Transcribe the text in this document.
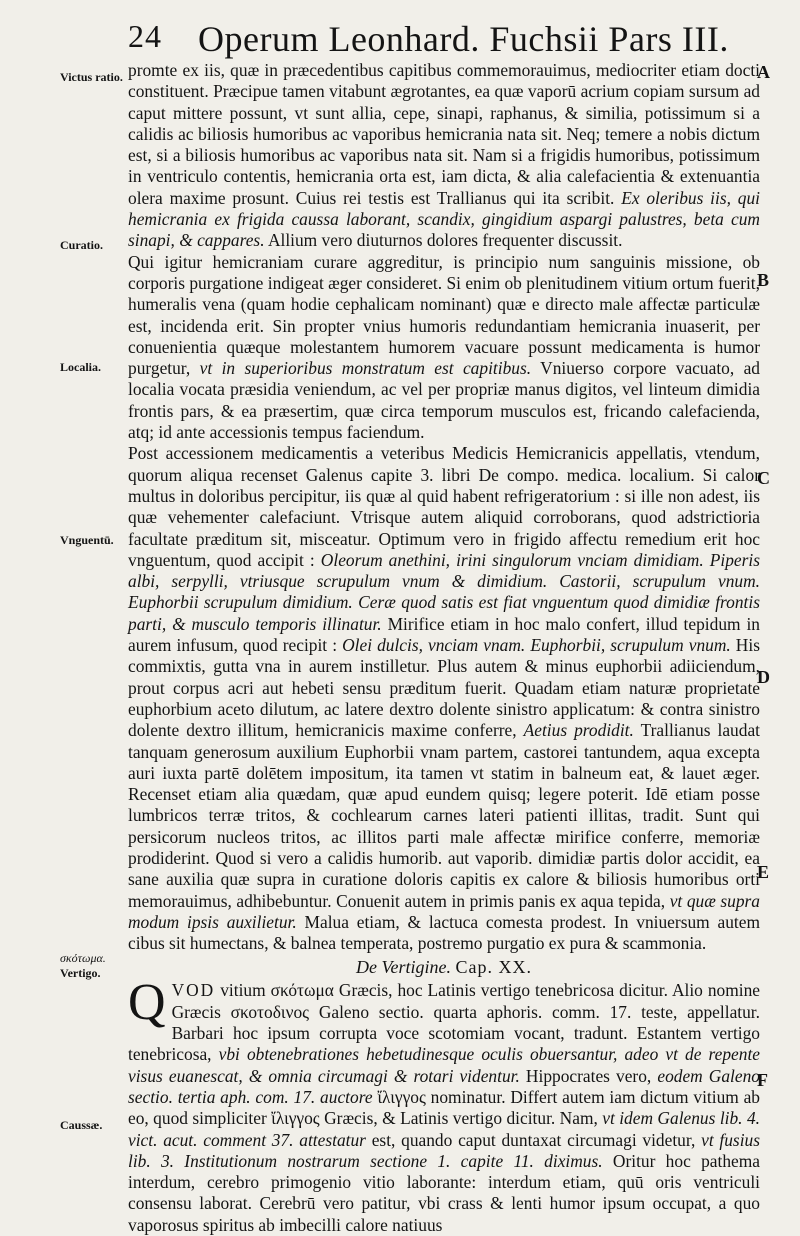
24 Operum Leonhard. Fuchsii Pars III.
Victus ratio.
Curatio.
Localia.
Vnguentū.
σκότωμα.
Vertigo.
Caussæ.
A
B
C
D
E
F

promte ex iis, quæ in præcedentibus capitibus commemorauimus, mediocriter etiam docti constituent. Præcipue tamen vitabunt ægrotantes, ea quæ vaporū acrium copiam sursum ad caput mittere possunt, vt sunt allia, cepe, sinapi, raphanus, & similia, potissimum si a calidis ac biliosis humoribus ac vaporibus hemicrania nata sit. Neq; temere a nobis dictum est, si a biliosis humoribus ac vaporibus nata sit. Nam si a frigidis humoribus, potissimum in ventriculo contentis, hemicrania orta est, iam dicta, & alia calefacientia & extenuantia olera maxime prosunt. Cuius rei testis est Trallianus qui ita scribit. Ex oleribus iis, qui hemicrania ex frigida caussa laborant, scandix, gingidium aspargi palustres, beta cum sinapi, & cappares. Allium vero diuturnos dolores frequenter discussit.

Qui igitur hemicraniam curare aggreditur, is principio num sanguinis missione, ob corporis purgatione indigeat æger consideret. Si enim ob plenitudinem vitium ortum fuerit, humeralis vena (quam hodie cephalicam nominant) quæ e directo male affectæ particulæ est, incidenda erit. Sin propter vnius humoris redundantiam hemicrania inuaserit, per conuenientia quæque molestantem humorem vacuare possunt medicamenta is humor purgetur, vt in superioribus monstratum est capitibus. Vniuerso corpore vacuato, ad localia vocata præsidia veniendum, ac vel per propriæ manus digitos, vel linteum dimidia frontis pars, & ea præsertim, quæ circa temporum musculos est, fricando calefacienda, atq; id ante accessionis tempus faciendum.

Post accessionem medicamentis a veteribus Medicis Hemicranicis appellatis, vtendum, quorum aliqua recenset Galenus capite 3. libri De compo. medica. localium. Si calor multus in doloribus percipitur, iis quæ al quid habent refrigeratorium : si ille non adest, iis quæ vehementer calefaciunt. Vtrisque autem aliquid corroborans, quod adstrictioria facultate præditum sit, misceatur. Optimum vero in frigido affectu remedium erit hoc vnguentum, quod accipit : Oleorum anethini, irini singulorum vnciam dimidiam. Piperis albi, serpylli, vtriusque scrupulum vnum & dimidium. Castorii, scrupulum vnum. Euphorbii scrupulum dimidium. Ceræ quod satis est fiat vnguentum quod dimidiæ frontis parti, & musculo temporis illinatur. Mirifice etiam in hoc malo confert, illud tepidum in aurem infusum, quod recipit : Olei dulcis, vnciam vnam. Euphorbii, scrupulum vnum. His commixtis, gutta vna in aurem instilletur. Plus autem & minus euphorbii adiiciendum, prout corpus acri aut hebeti sensu præditum fuerit. Quadam etiam naturæ proprietate euphorbium aceto dilutum, ac latere dextro dolente sinistro applicatum: & contra sinistro dolente dextro illitum, hemicranicis maxime conferre, Aetius prodidit. Trallianus laudat tanquam generosum auxilium Euphorbii vnam partem, castorei tantundem, aqua excepta auri iuxta partē dolētem impositum, ita tamen vt statim in balneum eat, & lauet æger. Recenset etiam alia quædam, quæ apud eundem quisq; legere poterit. Idē etiam posse lumbricos terræ tritos, & cochlearum carnes lateri patienti illitas, tradit. Sunt qui persicorum nucleos tritos, ac illitos parti male affectæ mirifice conferre, memoriæ prodiderint. Quod si vero a calidis humorib. aut vaporib. dimidiæ partis dolor accidit, ea sane auxilia quæ supra in curatione doloris capitis ex calore & biliosis humoribus orti memorauimus, adhibebuntur. Conuenit autem in primis panis ex aqua tepida, vt quæ supra modum ipsis auxilietur. Malua etiam, & lactuca comesta prodest. In vniuersum autem cibus sit humectans, & balnea temperata, postremo purgatio ex pura & scammonia.

De Vertigine. Cap. XX.

Q VOD vitium σκότωμα Græcis, hoc Latinis vertigo tenebricosa dicitur. Alio nomine Græcis σκοτοδινος Galeno sectio. quarta aphoris. comm. 17. teste, appellatur. Barbari hoc ipsum corrupta voce scotomiam vocant, tradunt. Estantem vertigo tenebricosa, vbi obtenebrationes hebetudinesque oculis obuersantur, adeo vt de repente visus euanescat, & omnia circumagi & rotari videntur. Hippocrates vero, eodem Galeno sectio. tertia aph. com. 17. auctore ἴλιγγος nominatur. Differt autem iam dictum vitium ab eo, quod simpliciter ἴλιγγος Græcis, & Latinis vertigo dicitur. Nam, vt idem Galenus lib. 4. vict. acut. comment 37. attestatur est, quando caput duntaxat circumagi videtur, vt fusius lib. 3. Institutionum nostrarum sectione 1. capite 11. diximus. Oritur hoc pathema interdum, cerebro primogenio vitio laborante: interdum etiam, quū oris ventriculi consensu laborat. Cerebrū vero patitur, vbi crass & lenti humor ipsum occupat, a quo vaporosus spiritus ab imbecilli calore natiuus
